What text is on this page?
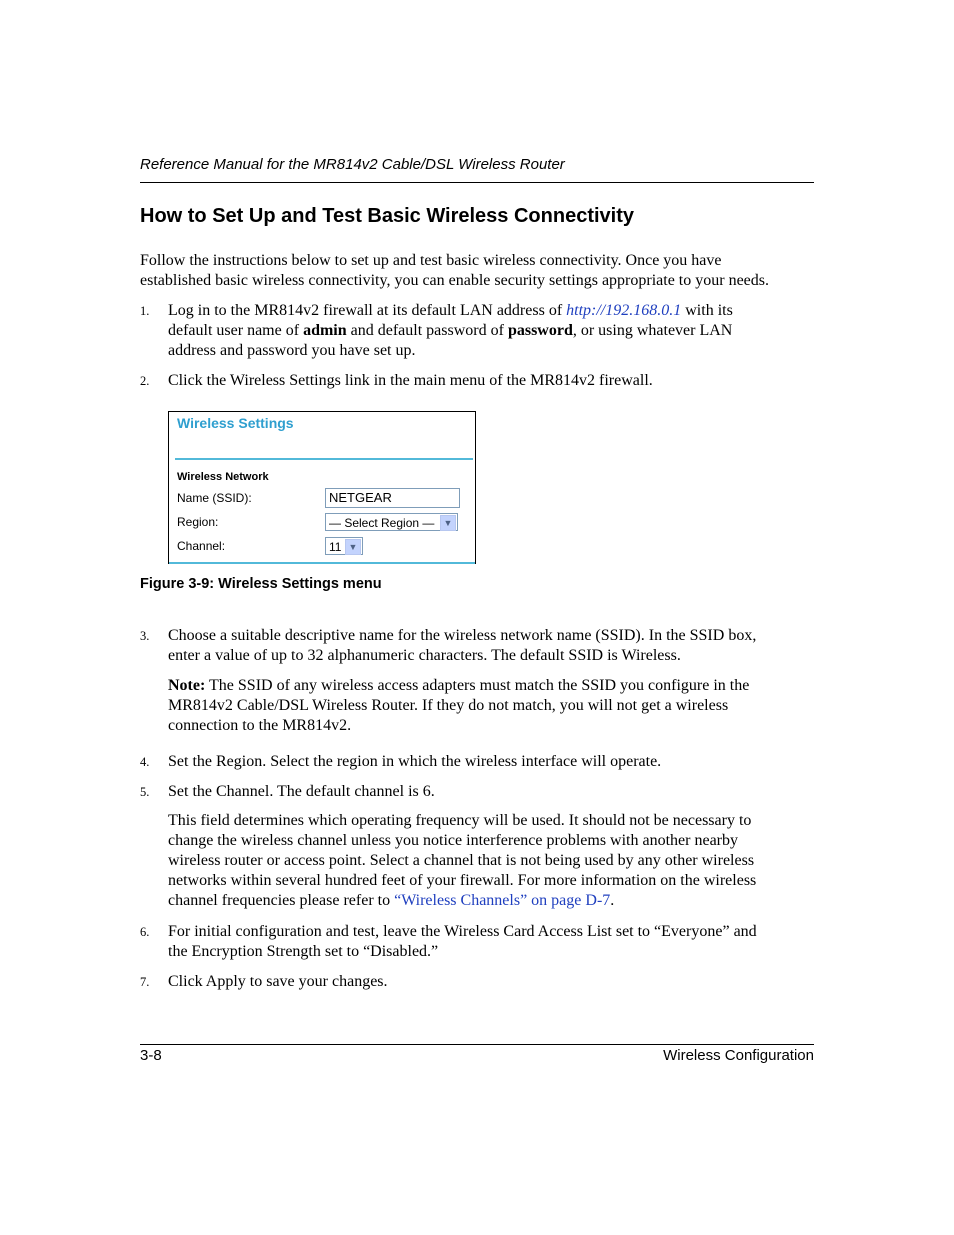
Reference Manual for the MR814v2 Cable/DSL Wireless Router
How to Set Up and Test Basic Wireless Connectivity
Follow the instructions below to set up and test basic wireless connectivity. Once you have
established basic wireless connectivity, you can enable security settings appropriate to your needs.
1. Log in to the MR814v2 firewall at its default LAN address of http://192.168.0.1 with its
default user name of admin and default password of password, or using whatever LAN
address and password you have set up.
2. Click the Wireless Settings link in the main menu of the MR814v2 firewall.
Wireless Settings
Wireless Network
Name (SSID):	NETGEAR
Region:	— Select Region —	▼
Channel:	11 ▼
Figure 3-9: Wireless Settings menu
3. Choose a suitable descriptive name for the wireless network name (SSID). In the SSID box,
enter a value of up to 32 alphanumeric characters. The default SSID is Wireless.
Note: The SSID of any wireless access adapters must match the SSID you configure in the
MR814v2 Cable/DSL Wireless Router. If they do not match, you will not get a wireless
connection to the MR814v2.
4. Set the Region. Select the region in which the wireless interface will operate.
5. Set the Channel. The default channel is 6.
This field determines which operating frequency will be used. It should not be necessary to
change the wireless channel unless you notice interference problems with another nearby
wireless router or access point. Select a channel that is not being used by any other wireless
networks within several hundred feet of your firewall. For more information on the wireless
channel frequencies please refer to “Wireless Channels” on page D-7.
6. For initial configuration and test, leave the Wireless Card Access List set to “Everyone” and
the Encryption Strength set to “Disabled.”
7. Click Apply to save your changes.
3-8	Wireless Configuration
